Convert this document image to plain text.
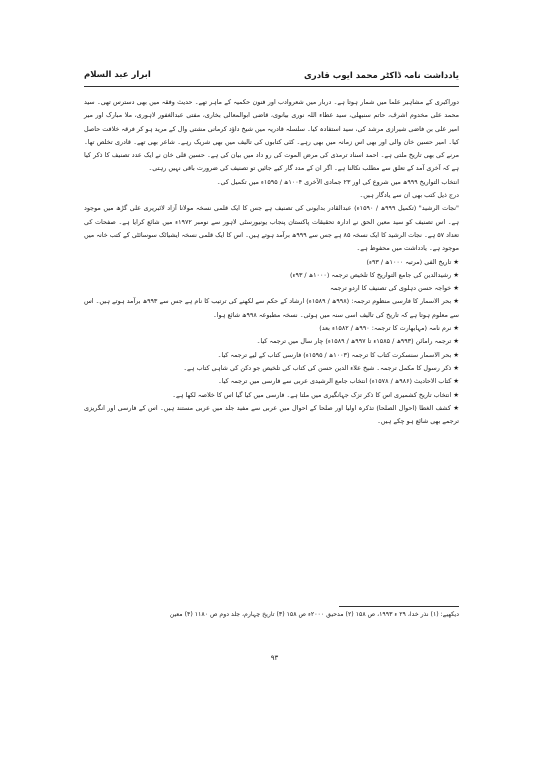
ابرار عبد السلام	یادداشت نامہ ڈاکٹر محمد ایوب قادری

دوراکبری کے مشاہیر علما میں شمار ہوتا ہے۔ دربار میں شعروادب اور فنون حکمیہ کے ماہر تھے۔ حدیث وفقہ میں بھی دسترس تھی۔ سید محمد علی مخدوم اشرف، حاتم سنبھلی، سید عطاء اللہ نوری بیانوی، قاضی ابوالمعالی بخاری، مفتی عبدالغفور لاہوری، ملا مبارک اور میر امیر علی بن فاضی شیرازی مرشد کی، سید استفادہ کیا۔ سلسلہ قادریہ میں شیخ داؤد کرمانی مشتی وال کے مرید ہو کر فرقہ خلافت حاصل کیا۔ امیر حسین خان والی اور بھی اس زمانہ میں بھی رہے۔ کئی کتابوں کی تالیف میں بھی شریک رہے۔ شاعر بھی تھے۔ قادری تخلص تھا۔ مرنے کی بھی تاریخ ملتی ہے۔ احمد اسناد ترمذی کی مرض الموت کی رو داد میں بیان کی ہے۔ حسین قلی خان نے ایک عدد تصنیف کا ذکر کیا ہے کہ آخری آمد کے تعلق سے مطلب نکالنا ہے۔ اگر ان کے مدد گار کیے جائیں تو تصنیف کی ضرورت باقی نہیں رہتی۔

انتخاب التواریخ ۹۹۹ھ میں شروع کی اور ۲۳ جمادی الآخری ۱۰۰۴ھ / ۱۵۹۵ء میں تکمیل کی۔

درج ذیل کتب بھی ان سے یادگار ہیں۔

"نجات الرشید" (تکمیل ۹۹۹ھ / ۱۵۹۰ء) عبدالقادر بدایونی کی تصنیف ہے جس کا ایک قلمی نسخہ مولانا آزاد لائبریری علی گڑھ میں موجود ہے۔ اس تصنیف کو سید معین الحق نے ادارہ تحقیقات پاکستان پنجاب یونیورسٹی لاہور سے نومبر ۱۹۷۲ء میں شائع کرایا ہے۔ صفحات کی تعداد ۵۷ ہے۔ نجات الرشید کا ایک نسخہ ۸۵ ہے جس سے ۹۹۹ھ برآمد ہوتے ہیں۔ اس کا ایک قلمی نسخہ ایشیاٹک سوسائٹی کے کتب خانہ میں موجود ہے۔ یادداشت میں محفوظ ہے۔

★ تاریخ الفی (مرتبہ ۱۰۰۰ھ / ۹۳ء)

★ رشیدالدین کی جامع التواریخ کا تلخیص ترجمہ (۱۰۰۰ھ / ۹۳ء)

★ خواجہ حسن دہلوی کی تصنیف کا اردو ترجمہ

★ بحر الاسمار کا فارسی منظوم ترجمہ: (۹۹۸ھ / ۱۵۸۹ء) ارشاد کے حکم سے لکھنے کی ترتیب کا نام ہے جس سے ۹۹۳ھ برآمد ہوتے ہیں۔ اس سے معلوم ہوتا ہے کہ تاریخ کی تالیف اسی سنہ میں ہوئی۔ نسخہ مطبوعہ ۹۹۸ھ شائع ہوا۔

★ نرم نامہ (مہابھارت کا ترجمہ: ۹۹۰ھ / ۱۵۸۲ء بعد)

★ ترجمہ رامائن (۹۹۳ھ / ۱۵۸۵ء تا ۹۹۷ھ / ۱۵۸۹ء) چار سال میں ترجمہ کیا۔

★ بحر الاسمار سنسکرت کتاب کا ترجمہ (۱۰۰۳ھ / ۱۵۹۵ء) فارسی کتاب کے لیے ترجمہ کیا۔

★ ذکر رسول کا مکمل ترجمہ۔ شیخ علاء الدین حسن کی کتاب کی تلخیص جو دکن کی شاہی کتاب ہے۔

★ کتاب الاحادیث (۹۸۶ھ / ۱۵۷۸ء) انتخاب جامع الرشیدی عربی سے فارسی میں ترجمہ کیا۔

★ انتخاب تاریخ کشمیری اس کا ذکر تزک جہانگیری میں ملتا ہے۔ فارسی میں کیا گیا اس کا خلاصہ لکھا ہے۔

★ کشف الغطا (احوال الصلحا) تذکرہ اولیا اور صلحا کے احوال میں عربی سے مفید جلد میں عربی مستند ہیں۔ اس کے فارسی اور انگریزی ترجمے بھی شائع ہو چکے ہیں۔

دیکھیے: (۱) نذر خدا، ۲۹ ء ۱۹۹۳، ص ۱۵۸ (۲) مدحیق ۲۰۰۰ء ص ۱۵۸ (۳) تاریخ چہارم، جلد دوم ص ۱۱۸۰ (۴) معین
۹۳
